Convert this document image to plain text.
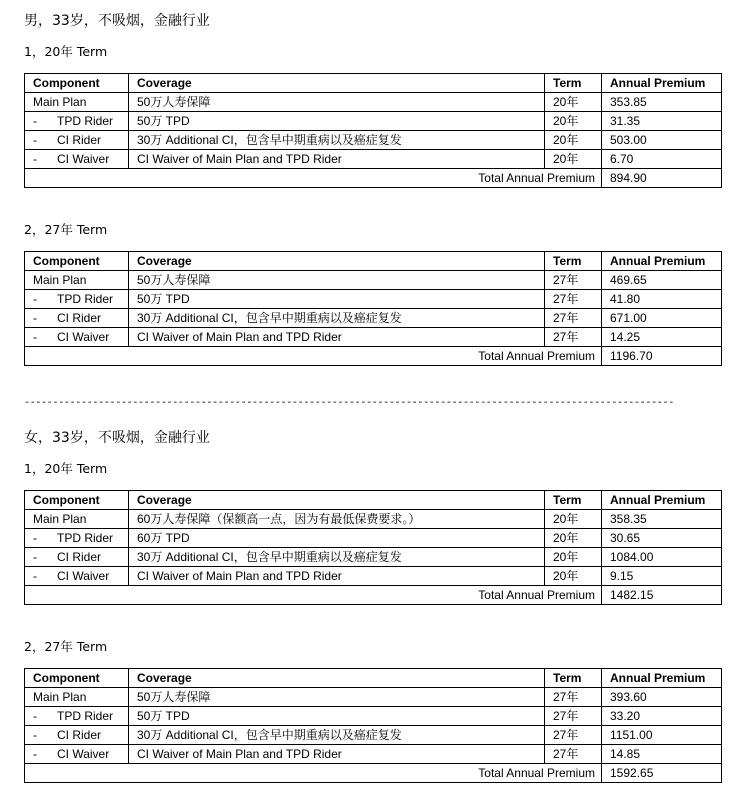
男，33岁，不吸烟，金融行业
1，20年 Term
Component	Coverage	Term	Annual Premium
Main Plan	50万人寿保障	20年	353.85
- TPD Rider	50万 TPD	20年	31.35
- CI Rider	30万 Additional CI，包含早中期重病以及癌症复发	20年	503.00
- CI Waiver	CI Waiver of Main Plan and TPD Rider	20年	6.70
Total Annual Premium			894.90
2，27年 Term
Component	Coverage	Term	Annual Premium
Main Plan	50万人寿保障	27年	469.65
- TPD Rider	50万 TPD	27年	41.80
- CI Rider	30万 Additional CI，包含早中期重病以及癌症复发	27年	671.00
- CI Waiver	CI Waiver of Main Plan and TPD Rider	27年	14.25
Total Annual Premium			1196.70
------------------------------------------------------------------------------------------------------------------
女，33岁，不吸烟，金融行业
1，20年 Term
Component	Coverage	Term	Annual Premium
Main Plan	60万人寿保障（保额高一点，因为有最低保费要求。）	20年	358.35
- TPD Rider	60万 TPD	20年	30.65
- CI Rider	30万 Additional CI，包含早中期重病以及癌症复发	20年	1084.00
- CI Waiver	CI Waiver of Main Plan and TPD Rider	20年	9.15
Total Annual Premium			1482.15
2，27年 Term
Component	Coverage	Term	Annual Premium
Main Plan	50万人寿保障	27年	393.60
- TPD Rider	50万 TPD	27年	33.20
- CI Rider	30万 Additional CI，包含早中期重病以及癌症复发	27年	1151.00
- CI Waiver	CI Waiver of Main Plan and TPD Rider	27年	14.85
Total Annual Premium			1592.65
